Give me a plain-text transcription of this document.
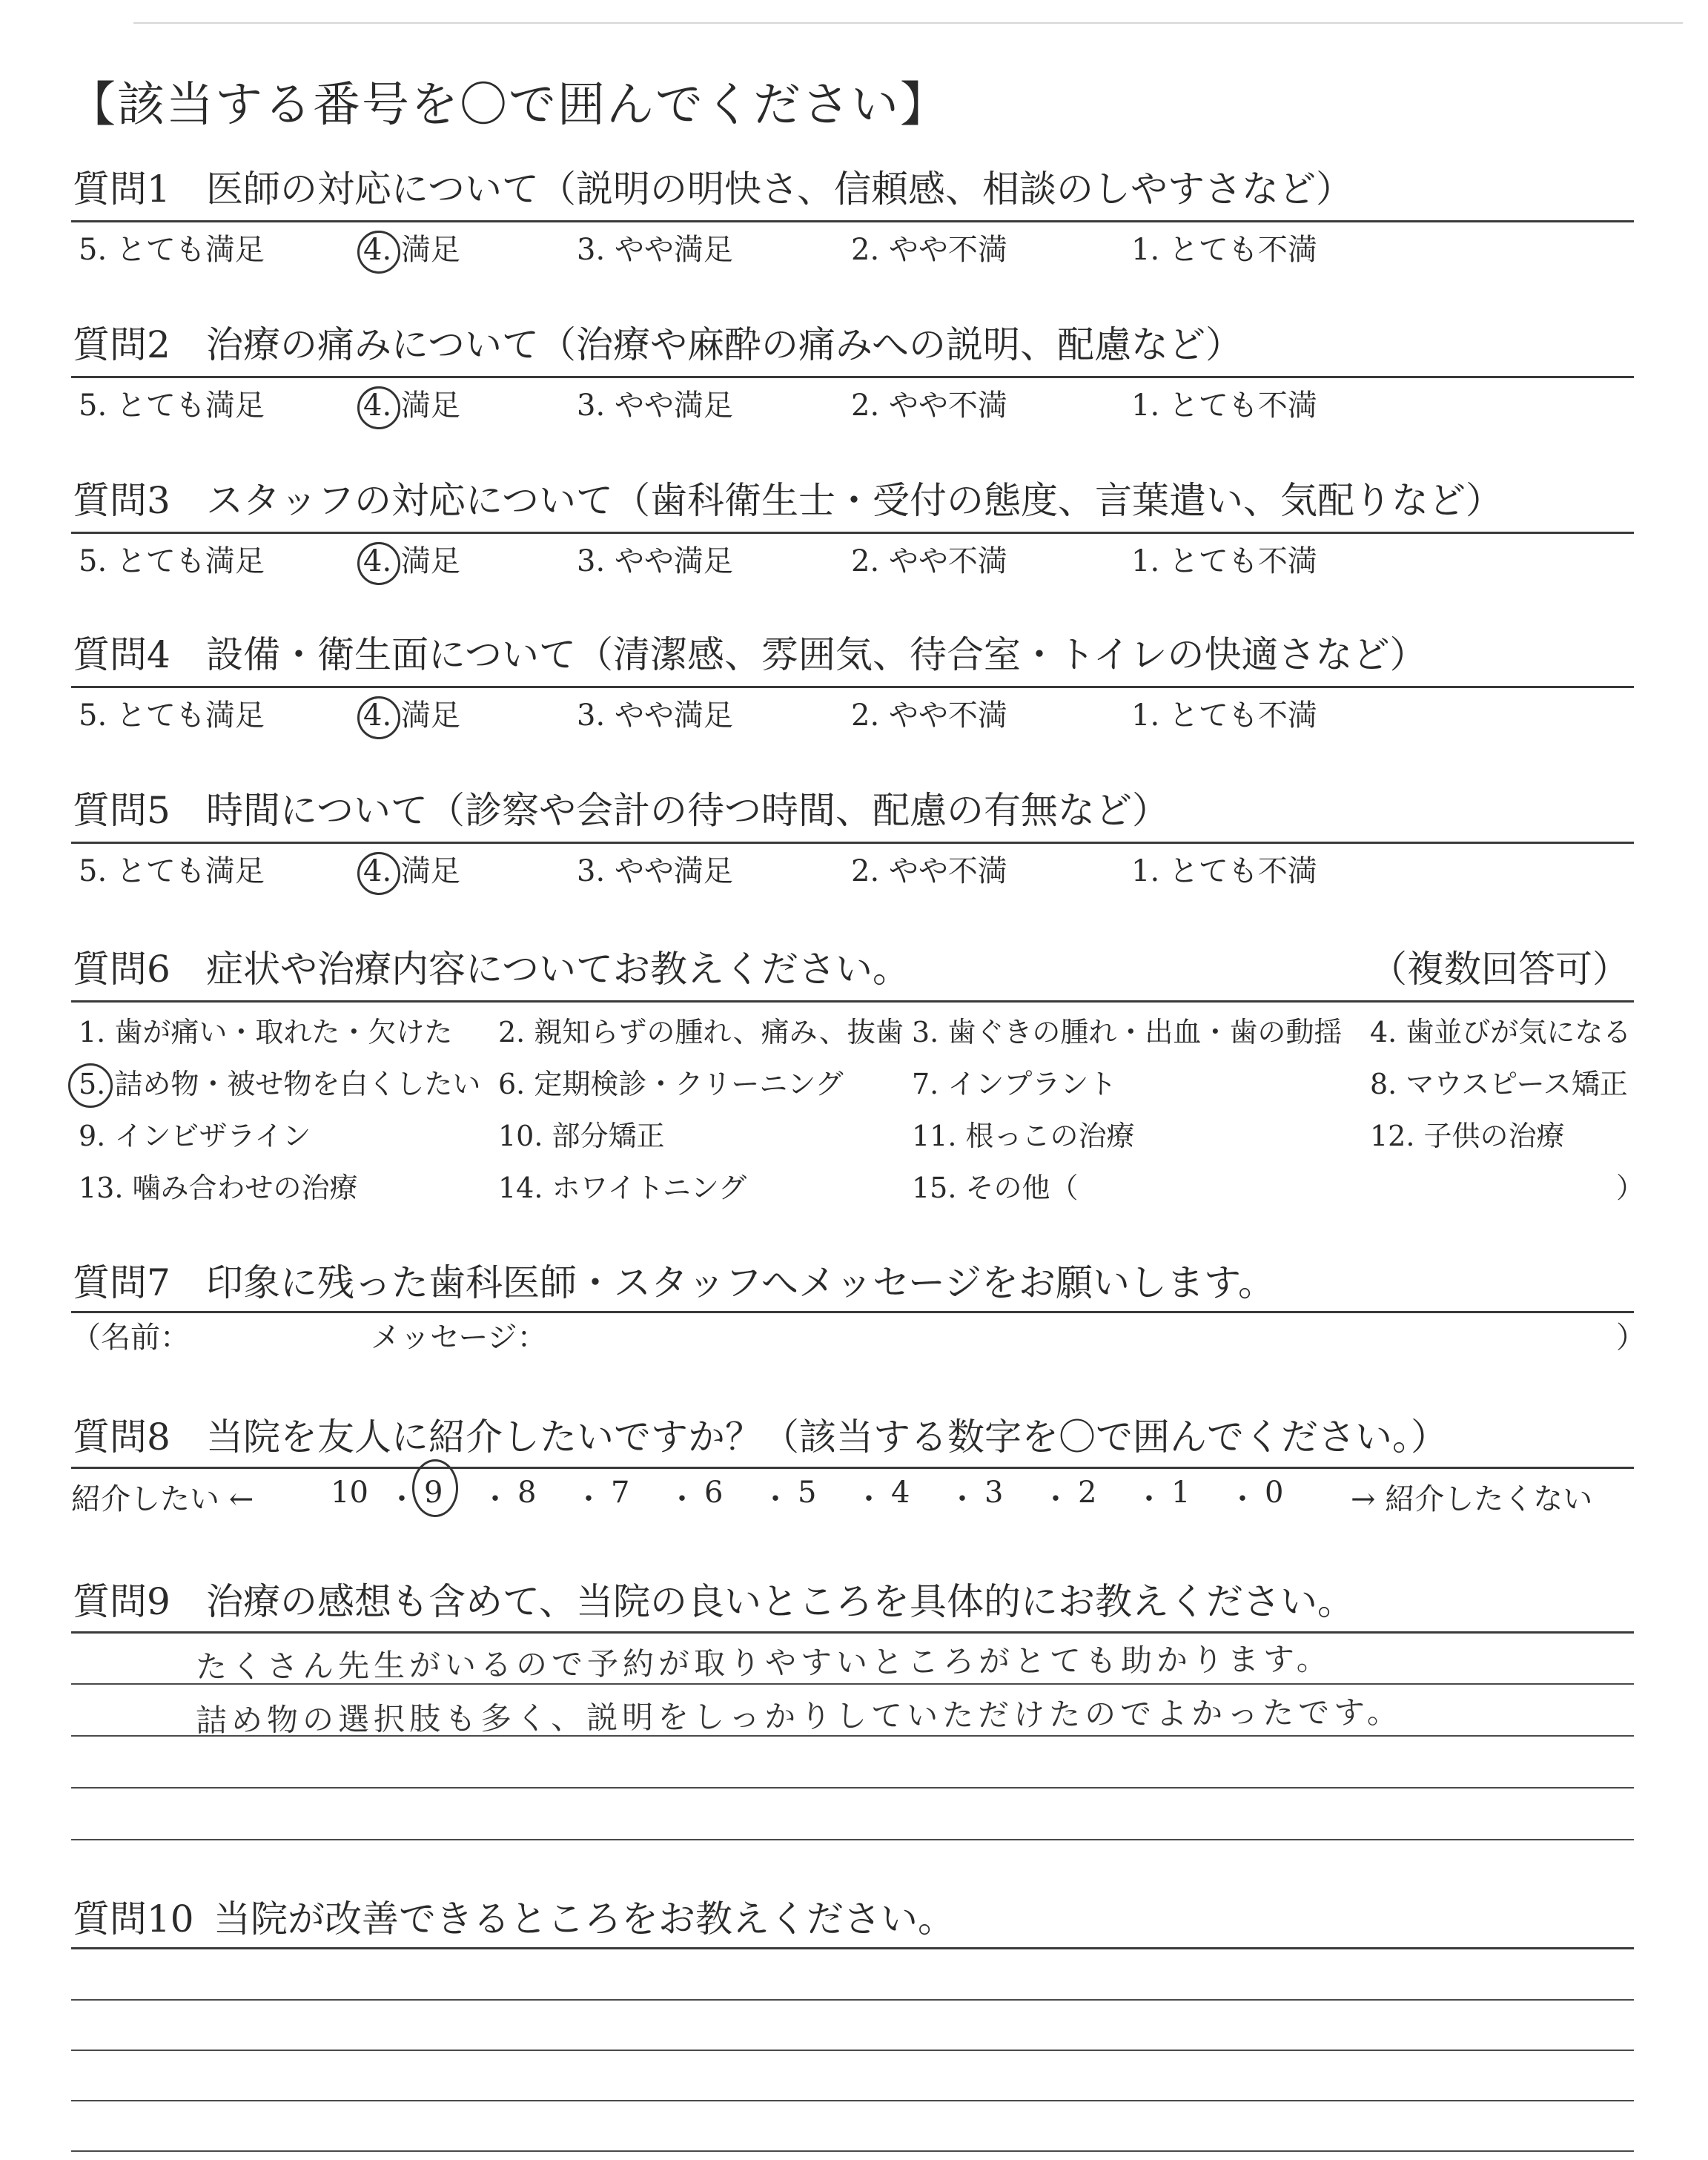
【該当する番号を〇で囲んでください】
質問1 医師の対応について（説明の明快さ、信頼感、相談のしやすさなど）
5. とても満足	4. 満足	3. やや満足	2. やや不満	1. とても不満
質問2 治療の痛みについて（治療や麻酔の痛みへの説明、配慮など）
5. とても満足	4. 満足	3. やや満足	2. やや不満	1. とても不満
質問3 スタッフの対応について（歯科衛生士・受付の態度、言葉遣い、気配りなど）
5. とても満足	4. 満足	3. やや満足	2. やや不満	1. とても不満
質問4 設備・衛生面について（清潔感、雰囲気、待合室・トイレの快適さなど）
5. とても満足	4. 満足	3. やや満足	2. やや不満	1. とても不満
質問5 時間について（診察や会計の待つ時間、配慮の有無など）
5. とても満足	4. 満足	3. やや満足	2. やや不満	1. とても不満
質問6 症状や治療内容についてお教えください。	（複数回答可）
1. 歯が痛い・取れた・欠けた 2. 親知らずの腫れ、痛み、抜歯 3. 歯ぐきの腫れ・出血・歯の動揺 4. 歯並びが気になる
5. 詰め物・被せ物を白くしたい 6. 定期検診・クリーニング 7. インプラント	8. マウスピース矯正
9. インビザライン	10. 部分矯正	11. 根っこの治療	12. 子供の治療
13. 噛み合わせの治療	14. ホワイトニング	15. その他（	）
質問7 印象に残った歯科医師・スタッフへメッセージをお願いします。
（名前：	メッセージ：	）
質問8 当院を友人に紹介したいですか？（該当する数字を〇で囲んでください。）
紹介したい ←	→ 紹介したくない
10 ・ 9 ・ 8 ・ 7 ・ 6 ・ 5 ・ 4 ・ 3 ・ 2 ・ 1 ・ 0
質問9 治療の感想も含めて、当院の良いところを具体的にお教えください。
たくさん先生がいるので予約が取りやすいところがとても助かります。
詰め物の選択肢も多く、説明をしっかりしていただけたのでよかったです。
質問10 当院が改善できるところをお教えください。
